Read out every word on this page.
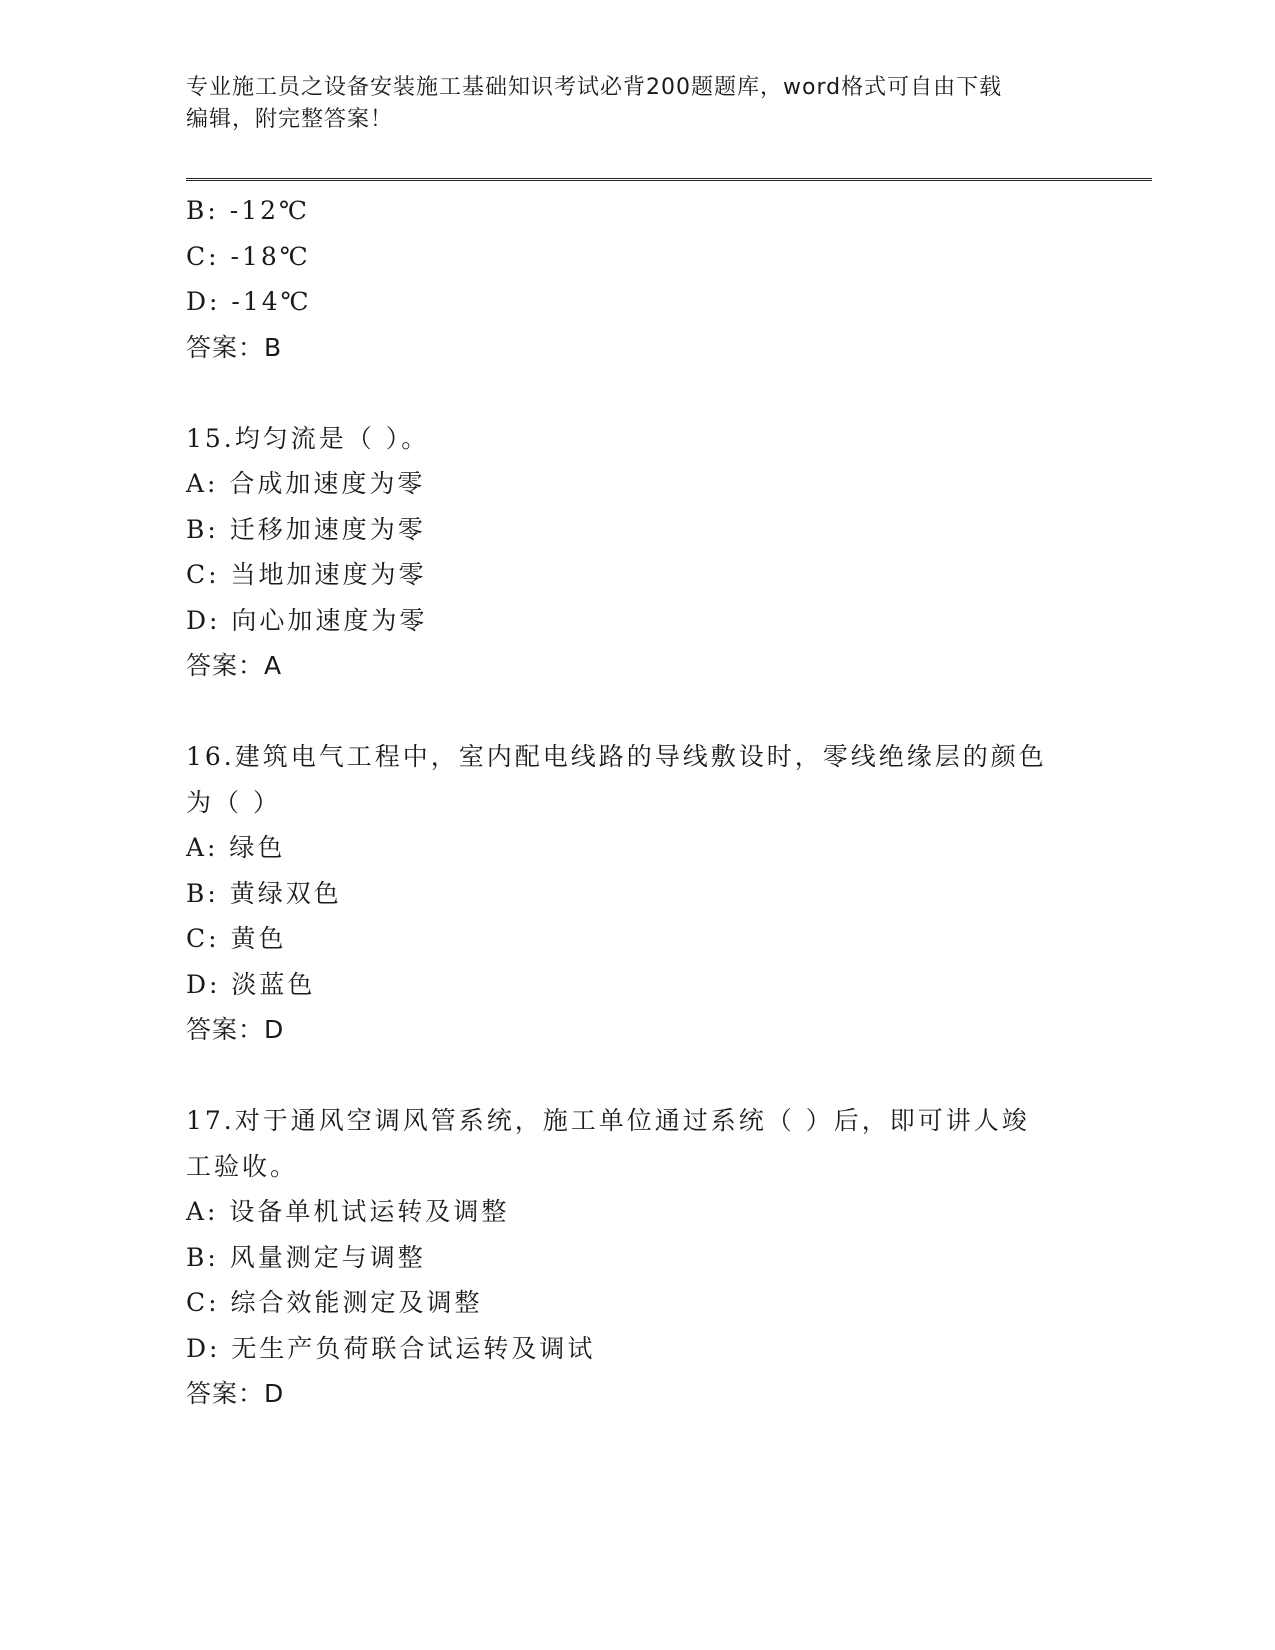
专业施工员之设备安装施工基础知识考试必背200题题库，word格式可自由下载
编辑，附完整答案！
B: -12℃
C: -18℃
D: -14℃
答案：B
15.均匀流是（ ）。
A: 合成加速度为零
B: 迁移加速度为零
C: 当地加速度为零
D: 向心加速度为零
答案：A
16.建筑电气工程中，室内配电线路的导线敷设时，零线绝缘层的颜色
为（ ）
A: 绿色
B: 黄绿双色
C: 黄色
D: 淡蓝色
答案：D
17.对于通风空调风管系统，施工单位通过系统（ ）后，即可讲人竣
工验收。
A: 设备单机试运转及调整
B: 风量测定与调整
C: 综合效能测定及调整
D: 无生产负荷联合试运转及调试
答案：D
